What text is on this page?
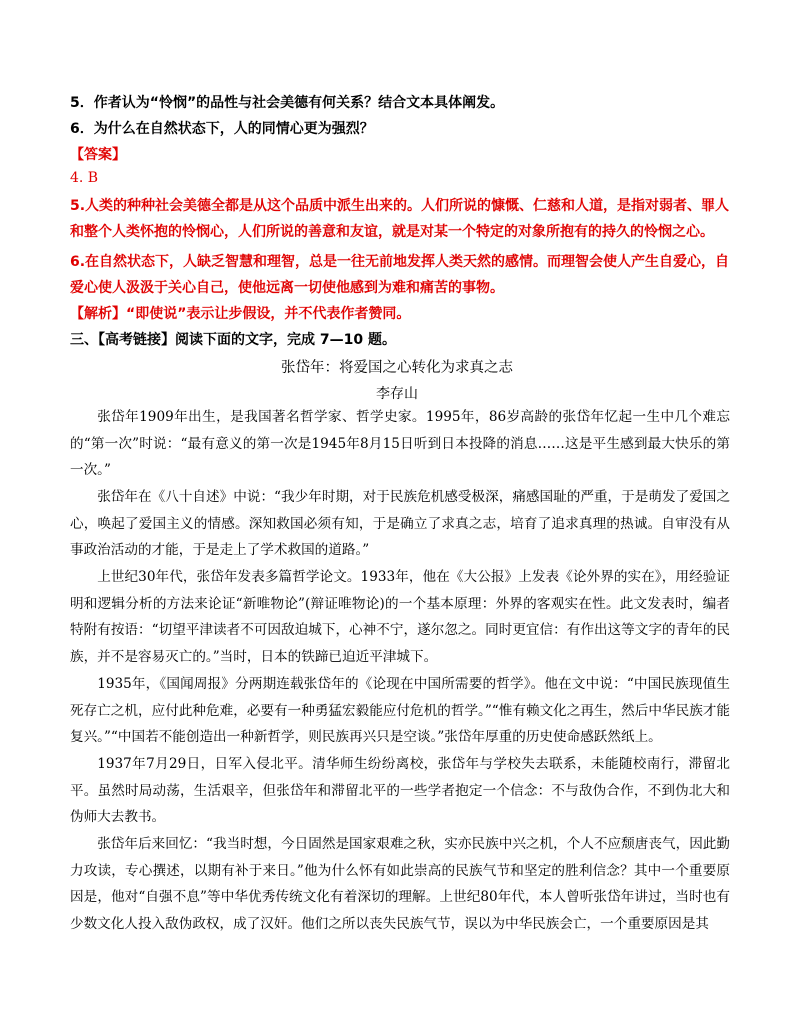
5．作者认为“怜悯”的品性与社会美德有何关系？结合文本具体阐发。
6．为什么在自然状态下，人的同情心更为强烈？
【答案】
4. B
5.人类的种种社会美德全都是从这个品质中派生出来的。人们所说的慷慨、仁慈和人道，是指对弱者、罪人和整个人类怀抱的怜悯心，人们所说的善意和友谊，就是对某一个特定的对象所抱有的持久的怜悯之心。
6.在自然状态下，人缺乏智慧和理智，总是一往无前地发挥人类天然的感情。而理智会使人产生自爱心，自爱心使人汲汲于关心自己，使他远离一切使他感到为难和痛苦的事物。
【解析】“即使说”表示让步假设，并不代表作者赞同。
三、【高考链接】阅读下面的文字，完成 7—10 题。
张岱年：将爱国之心转化为求真之志
李存山

张岱年1909年出生，是我国著名哲学家、哲学史家。1995年，86岁高龄的张岱年忆起一生中几个难忘的“第一次”时说：“最有意义的第一次是1945年8月15日听到日本投降的消息……这是平生感到最大快乐的第一次。”

张岱年在《八十自述》中说：“我少年时期，对于民族危机感受极深，痛感国耻的严重，于是萌发了爱国之心，唤起了爱国主义的情感。深知救国必须有知，于是确立了求真之志，培育了追求真理的热诚。自审没有从事政治活动的才能，于是走上了学术救国的道路。”

上世纪30年代，张岱年发表多篇哲学论文。1933年，他在《大公报》上发表《论外界的实在》，用经验证明和逻辑分析的方法来论证“新唯物论”(辩证唯物论)的一个基本原理：外界的客观实在性。此文发表时，编者特附有按语：“切望平津读者不可因敌迫城下，心神不宁，遂尔忽之。同时更宜信：有作出这等文字的青年的民族，并不是容易灭亡的。”当时，日本的铁蹄已迫近平津城下。

1935年，《国闻周报》分两期连载张岱年的《论现在中国所需要的哲学》。他在文中说：“中国民族现值生死存亡之机，应付此种危难，必要有一种勇猛宏毅能应付危机的哲学。”“惟有赖文化之再生，然后中华民族才能复兴。”“中国若不能创造出一种新哲学，则民族再兴只是空谈。”张岱年厚重的历史使命感跃然纸上。

1937年7月29日，日军入侵北平。清华师生纷纷离校，张岱年与学校失去联系，未能随校南行，滞留北平。虽然时局动荡，生活艰辛，但张岱年和滞留北平的一些学者抱定一个信念：不与敌伪合作，不到伪北大和伪师大去教书。

张岱年后来回忆：“我当时想，今日固然是国家艰难之秋，实亦民族中兴之机，个人不应颓唐丧气，因此勤力攻读，专心撰述，以期有补于来日。”他为什么怀有如此崇高的民族气节和坚定的胜利信念？其中一个重要原因是，他对“自强不息”等中华优秀传统文化有着深切的理解。上世纪80年代，本人曾听张岱年讲过，当时也有少数文化人投入敌伪政权，成了汉奸。他们之所以丧失民族气节，误以为中华民族会亡，一个重要原因是其
